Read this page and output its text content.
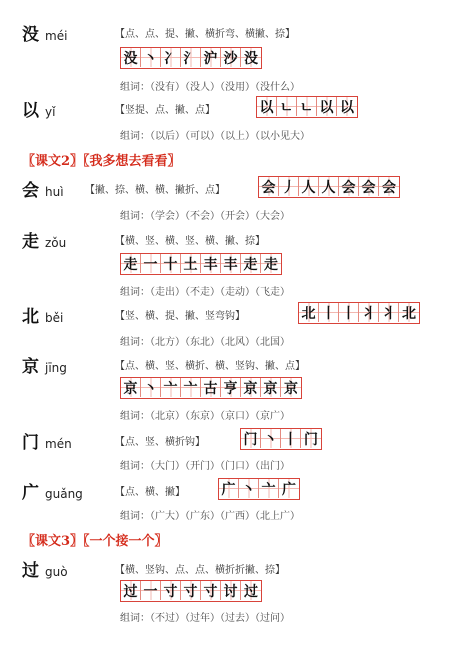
没 méi	【点、点、提、撇、横折弯、横撇、捺】
没 丶 冫 氵 沪 沙 没
组词：（没有）（没人）（没用）（没什么）
以 yǐ	【竖提、点、撇、点】	以 ㄴ ㄴ 以 以
组词：（以后）（可以）（以上）（以小见大）
〖课文2〗〖我多想去看看〗
会 huì 【撇、捺、横、横、撇折、点】	会 丿 人 人 会 会 会
组词：（学会）（不会）（开会）（大会）
走 zǒu	【横、竖、横、竖、横、撇、捺】
走 一 十 土 丰 丰 走 走
组词：（走出）（不走）（走动）（飞走）
北 běi	【竖、横、提、撇、竖弯钩】	北 丨 丨 丬 丬 北
组词：（北方）（东北）（北风）（北国）
京 jīng	【点、横、竖、横折、横、竖钩、撇、点】
京 丶 亠 亠 古 亨 京 京 京
组词：（北京）（东京）（京口）（京广）
门 mén	【点、竖、横折钩】	门 丶 丨 门
组词：（大门）（开门）（门口）（出门）
广 guǎng	【点、横、撇】	广 丶 亠 广
组词：（广大）（广东）（广西）（北上广）
〖课文3〗〖一个接一个〗
过 guò	【横、竖钩、点、点、横折折撇、捺】
过 一 寸 寸 寸 讨 过
组词：（不过）（过年）（过去）（过问）
